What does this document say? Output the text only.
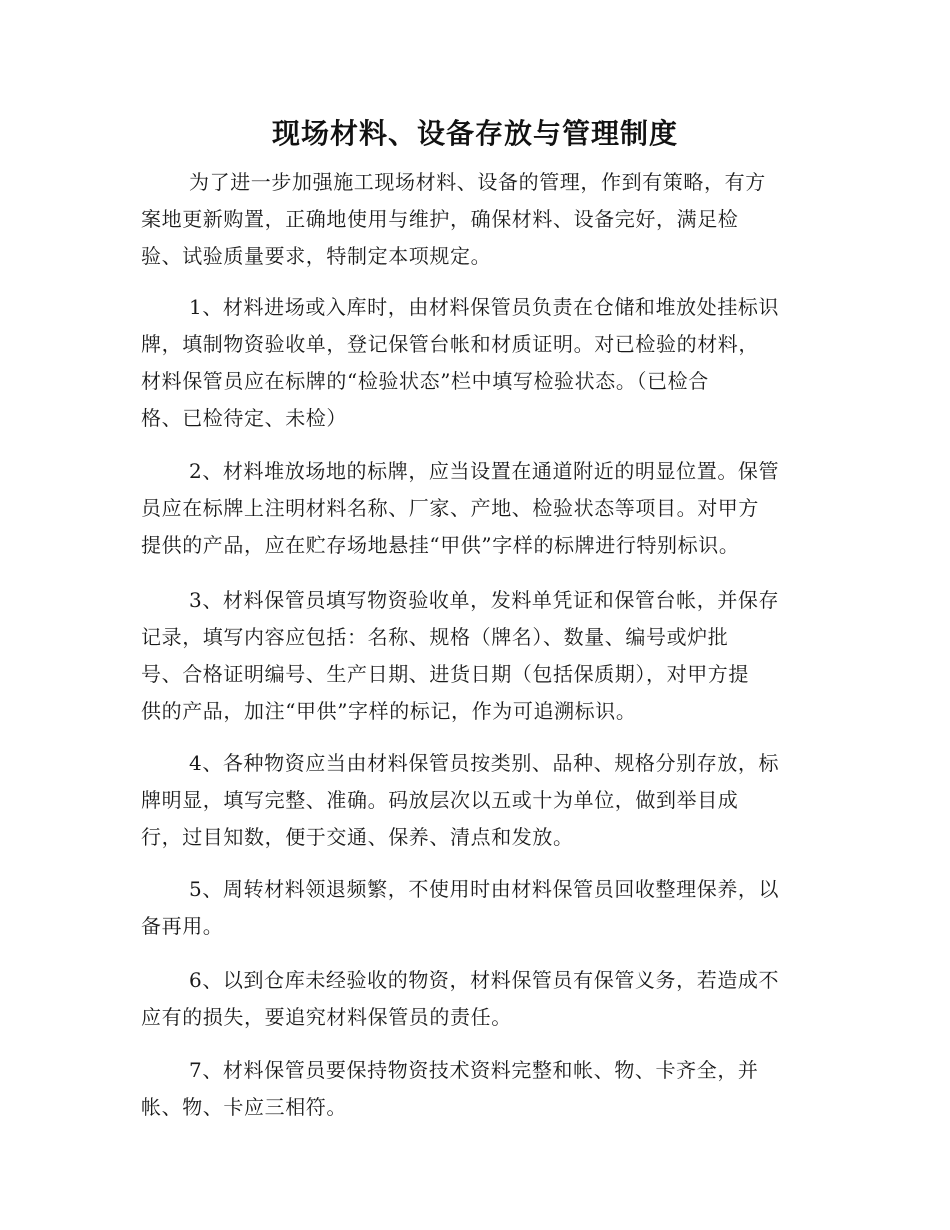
现场材料、设备存放与管理制度
为了进一步加强施工现场材料、设备的管理，作到有策略，有方
案地更新购置，正确地使用与维护，确保材料、设备完好，满足检
验、试验质量要求，特制定本项规定。
1、材料进场或入库时，由材料保管员负责在仓储和堆放处挂标识
牌，填制物资验收单，登记保管台帐和材质证明。对已检验的材料，
材料保管员应在标牌的“检验状态”栏中填写检验状态。（已检合
格、已检待定、未检）
2、材料堆放场地的标牌，应当设置在通道附近的明显位置。保管
员应在标牌上注明材料名称、厂家、产地、检验状态等项目。对甲方
提供的产品，应在贮存场地悬挂“甲供”字样的标牌进行特别标识。
3、材料保管员填写物资验收单，发料单凭证和保管台帐，并保存
记录，填写内容应包括：名称、规格（牌名）、数量、编号或炉批
号、合格证明编号、生产日期、进货日期（包括保质期），对甲方提
供的产品，加注“甲供”字样的标记，作为可追溯标识。
4、各种物资应当由材料保管员按类别、品种、规格分别存放，标
牌明显，填写完整、准确。码放层次以五或十为单位，做到举目成
行，过目知数，便于交通、保养、清点和发放。
5、周转材料领退频繁，不使用时由材料保管员回收整理保养，以
备再用。
6、以到仓库未经验收的物资，材料保管员有保管义务，若造成不
应有的损失，要追究材料保管员的责任。
7、材料保管员要保持物资技术资料完整和帐、物、卡齐全，并
帐、物、卡应三相符。
